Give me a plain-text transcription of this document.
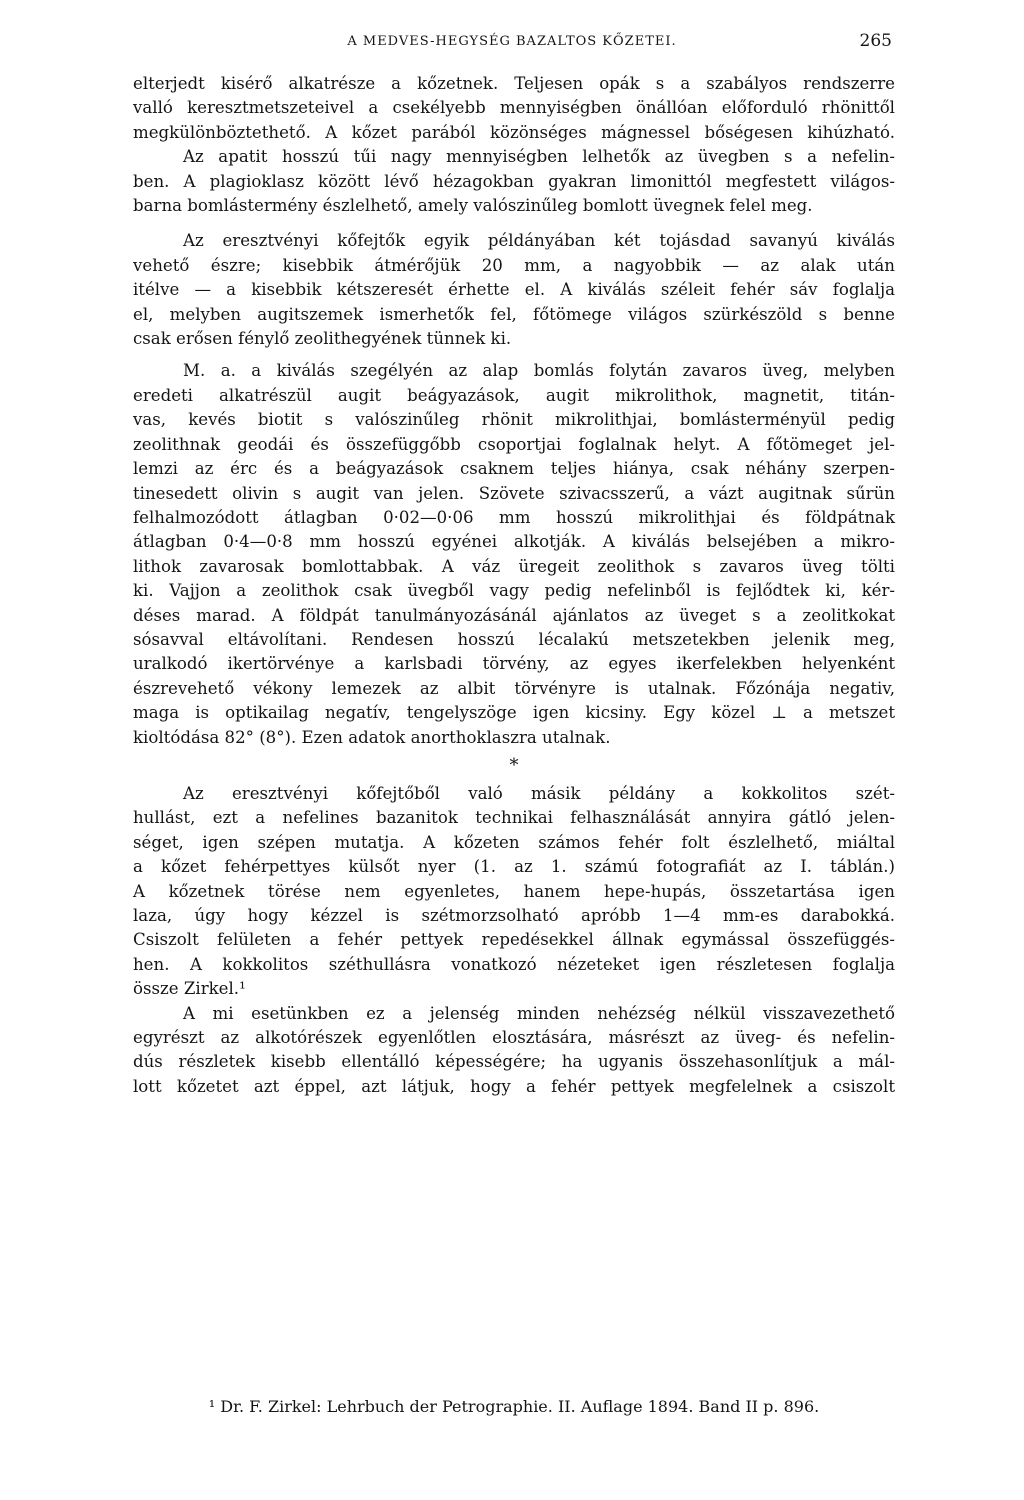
A MEDVES-HEGYSÉG BAZALTOS KŐZETEI.	265
elterjedt kisérő alkatrésze a kőzetnek. Teljesen opák s a szabályos rendszerre
valló keresztmetszeteivel a csekélyebb mennyiségben önállóan előforduló rhönittől
megkülönböztethető. A kőzet parából közönséges mágnessel bőségesen kihúzható.
Az apatit hosszú tűi nagy mennyiségben lelhetők az üvegben s a nefelin-
ben. A plagioklasz között lévő hézagokban gyakran limonittól megfestett világos-
barna bomlástermény észlelhető, amely valószinűleg bomlott üvegnek felel meg.
Az eresztvényi kőfejtők egyik példányában két tojásdad savanyú kiválás
vehető észre; kisebbik átmérőjük 20 mm, a nagyobbik — az alak után
itélve — a kisebbik kétszeresét érhette el. A kiválás széleit fehér sáv foglalja
el, melyben augitszemek ismerhetők fel, főtömege világos szürkészöld s benne
csak erősen fénylő zeolithegyének tünnek ki.
M. a. a kiválás szegélyén az alap bomlás folytán zavaros üveg, melyben
eredeti alkatrészül augit beágyazások, augit mikrolithok, magnetit, titán-
vas, kevés biotit s valószinűleg rhönit mikrolithjai, bomlásterményül pedig
zeolithnak geodái és összefüggőbb csoportjai foglalnak helyt. A főtömeget jel-
lemzi az érc és a beágyazások csaknem teljes hiánya, csak néhány szerpen-
tinesedett olivin s augit van jelen. Szövete szivacsszerű, a vázt augitnak sűrün
felhalmozódott átlagban 0·02—0·06 mm hosszú mikrolithjai és földpátnak
átlagban 0·4—0·8 mm hosszú egyénei alkotják. A kiválás belsejében a mikro-
lithok zavarosak bomlottabbak. A váz üregeit zeolithok s zavaros üveg tölti
ki. Vajjon a zeolithok csak üvegből vagy pedig nefelinből is fejlődtek ki, kér-
déses marad. A földpát tanulmányozásánál ajánlatos az üveget s a zeolitkokat
sósavval eltávolítani. Rendesen hosszú lécalakú metszetekben jelenik meg,
uralkodó ikertörvénye a karlsbadi törvény, az egyes ikerfelekben helyenként
észrevehető vékony lemezek az albit törvényre is utalnak. Főzónája negativ,
maga is optikailag negatív, tengelyszöge igen kicsiny. Egy közel ⊥ a metszet
kioltódása 82° (8°). Ezen adatok anorthoklaszra utalnak.
*
Az eresztvényi kőfejtőből való másik példány a kokkolitos szét-
hullást, ezt a nefelines bazanitok technikai felhasználását annyira gátló jelen-
séget, igen szépen mutatja. A kőzeten számos fehér folt észlelhető, miáltal
a kőzet fehérpettyes külsőt nyer (1. az 1. számú fotografiát az I. táblán.)
A kőzetnek törése nem egyenletes, hanem hepe-hupás, összetartása igen
laza, úgy hogy kézzel is szétmorzsolható apróbb 1—4 mm-es darabokká.
Csiszolt felületen a fehér pettyek repedésekkel állnak egymással összefüggés-
hen. A kokkolitos széthullásra vonatkozó nézeteket igen részletesen foglalja
össze Zirkel.¹
A mi esetünkben ez a jelenség minden nehézség nélkül visszavezethető
egyrészt az alkotórészek egyenlőtlen elosztására, másrészt az üveg- és nefelin-
dús részletek kisebb ellentálló képességére; ha ugyanis összehasonlítjuk a mál-
lott kőzetet azt éppel, azt látjuk, hogy a fehér pettyek megfelelnek a csiszolt
¹ Dr. F. Zirkel: Lehrbuch der Petrographie. II. Auflage 1894. Band II p. 896.
